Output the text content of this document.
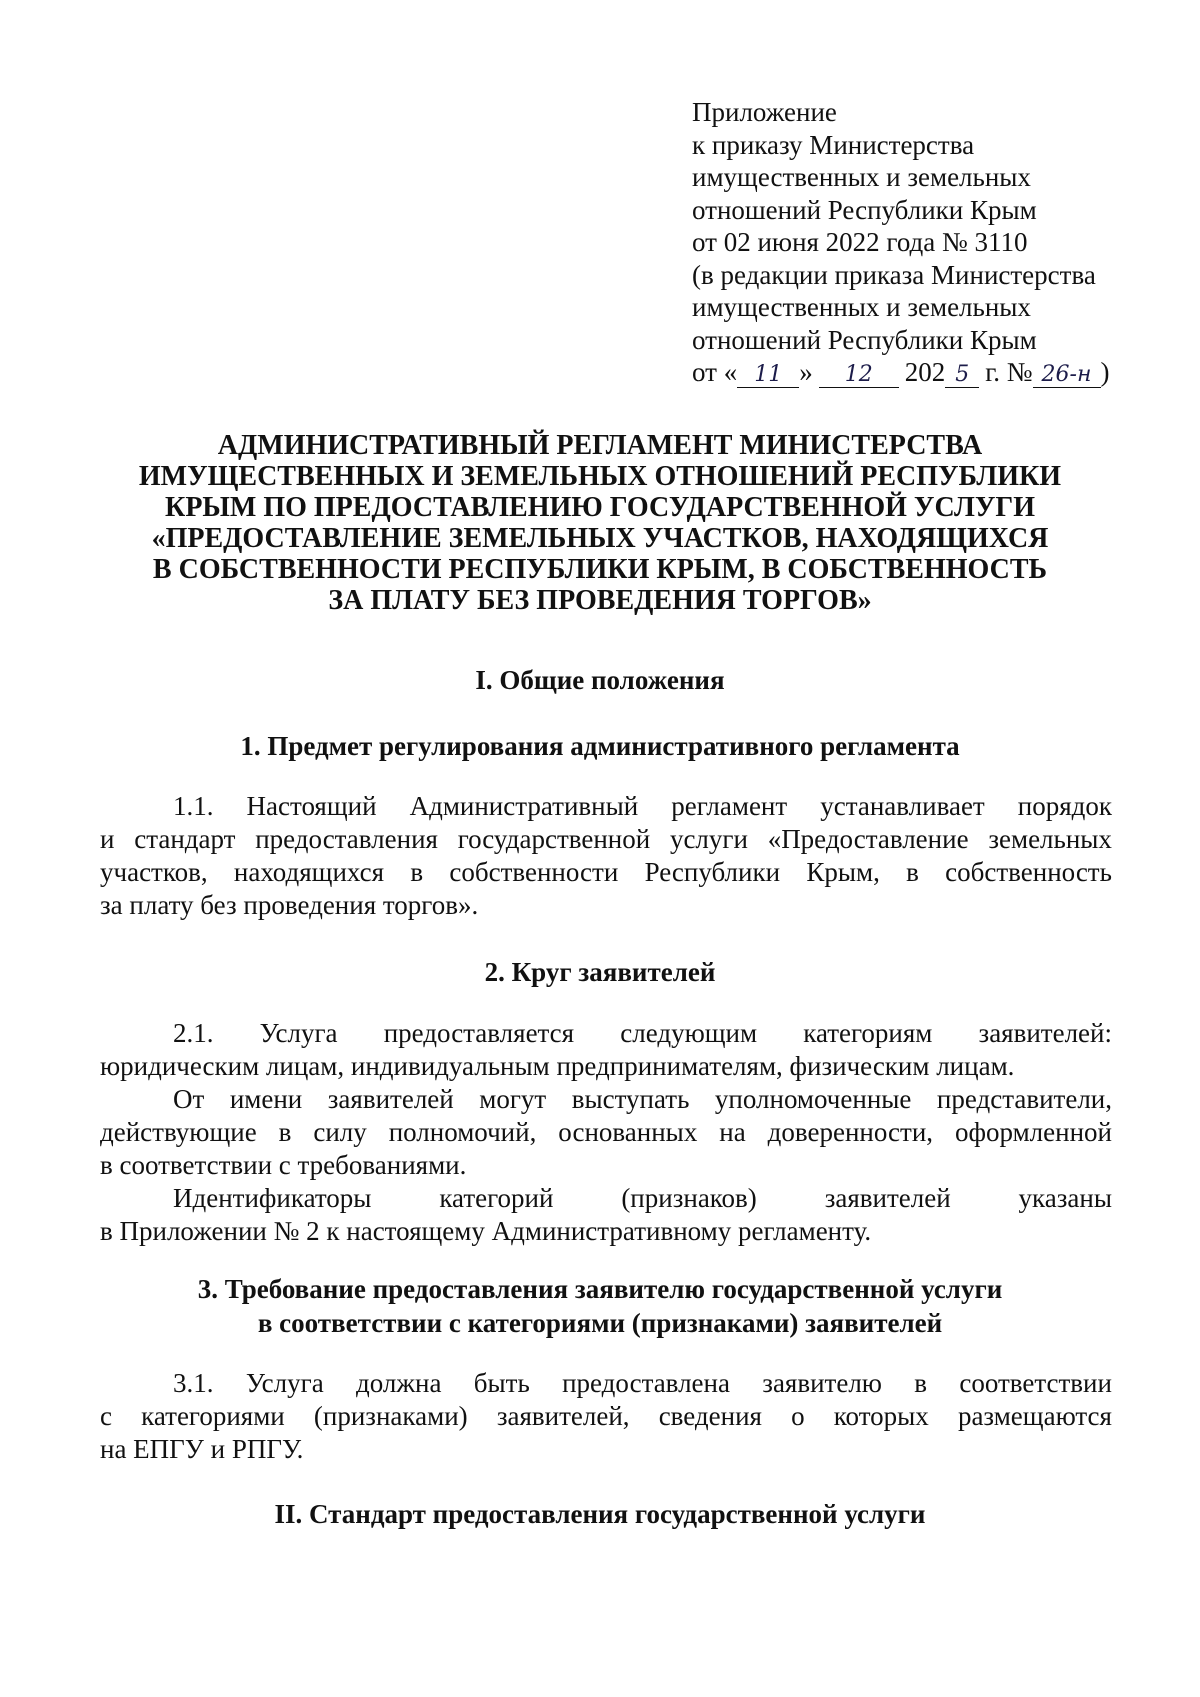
Приложение
к приказу Министерства
имущественных и земельных
отношений Республики Крым
от 02 июня 2022 года № 3110
(в редакции приказа Министерства
имущественных и земельных
отношений Республики Крым
от « 11 »	12	202 5 г. № 26-н )
АДМИНИСТРАТИВНЫЙ РЕГЛАМЕНТ МИНИСТЕРСТВА
ИМУЩЕСТВЕННЫХ И ЗЕМЕЛЬНЫХ ОТНОШЕНИЙ РЕСПУБЛИКИ
КРЫМ ПО ПРЕДОСТАВЛЕНИЮ ГОСУДАРСТВЕННОЙ УСЛУГИ
«ПРЕДОСТАВЛЕНИЕ ЗЕМЕЛЬНЫХ УЧАСТКОВ, НАХОДЯЩИХСЯ
В СОБСТВЕННОСТИ РЕСПУБЛИКИ КРЫМ, В СОБСТВЕННОСТЬ
ЗА ПЛАТУ БЕЗ ПРОВЕДЕНИЯ ТОРГОВ»
I. Общие положения
1. Предмет регулирования административного регламента
1.1. Настоящий Административный регламент устанавливает порядок
и стандарт предоставления государственной услуги «Предоставление земельных
участков, находящихся в собственности Республики Крым, в собственность
за плату без проведения торгов».
2. Круг заявителей
2.1. Услуга предоставляется следующим категориям заявителей:
юридическим лицам, индивидуальным предпринимателям, физическим лицам.
От имени заявителей могут выступать уполномоченные представители,
действующие в силу полномочий, основанных на доверенности, оформленной
в соответствии с требованиями.
Идентификаторы	категорий	(признаков)	заявителей	указаны
в Приложении № 2 к настоящему Административному регламенту.
3. Требование предоставления заявителю государственной услуги
в соответствии с категориями (признаками) заявителей
3.1. Услуга должна быть предоставлена заявителю в соответствии
с категориями (признаками) заявителей, сведения о которых размещаются
на ЕПГУ и РПГУ.
II. Стандарт предоставления государственной услуги
